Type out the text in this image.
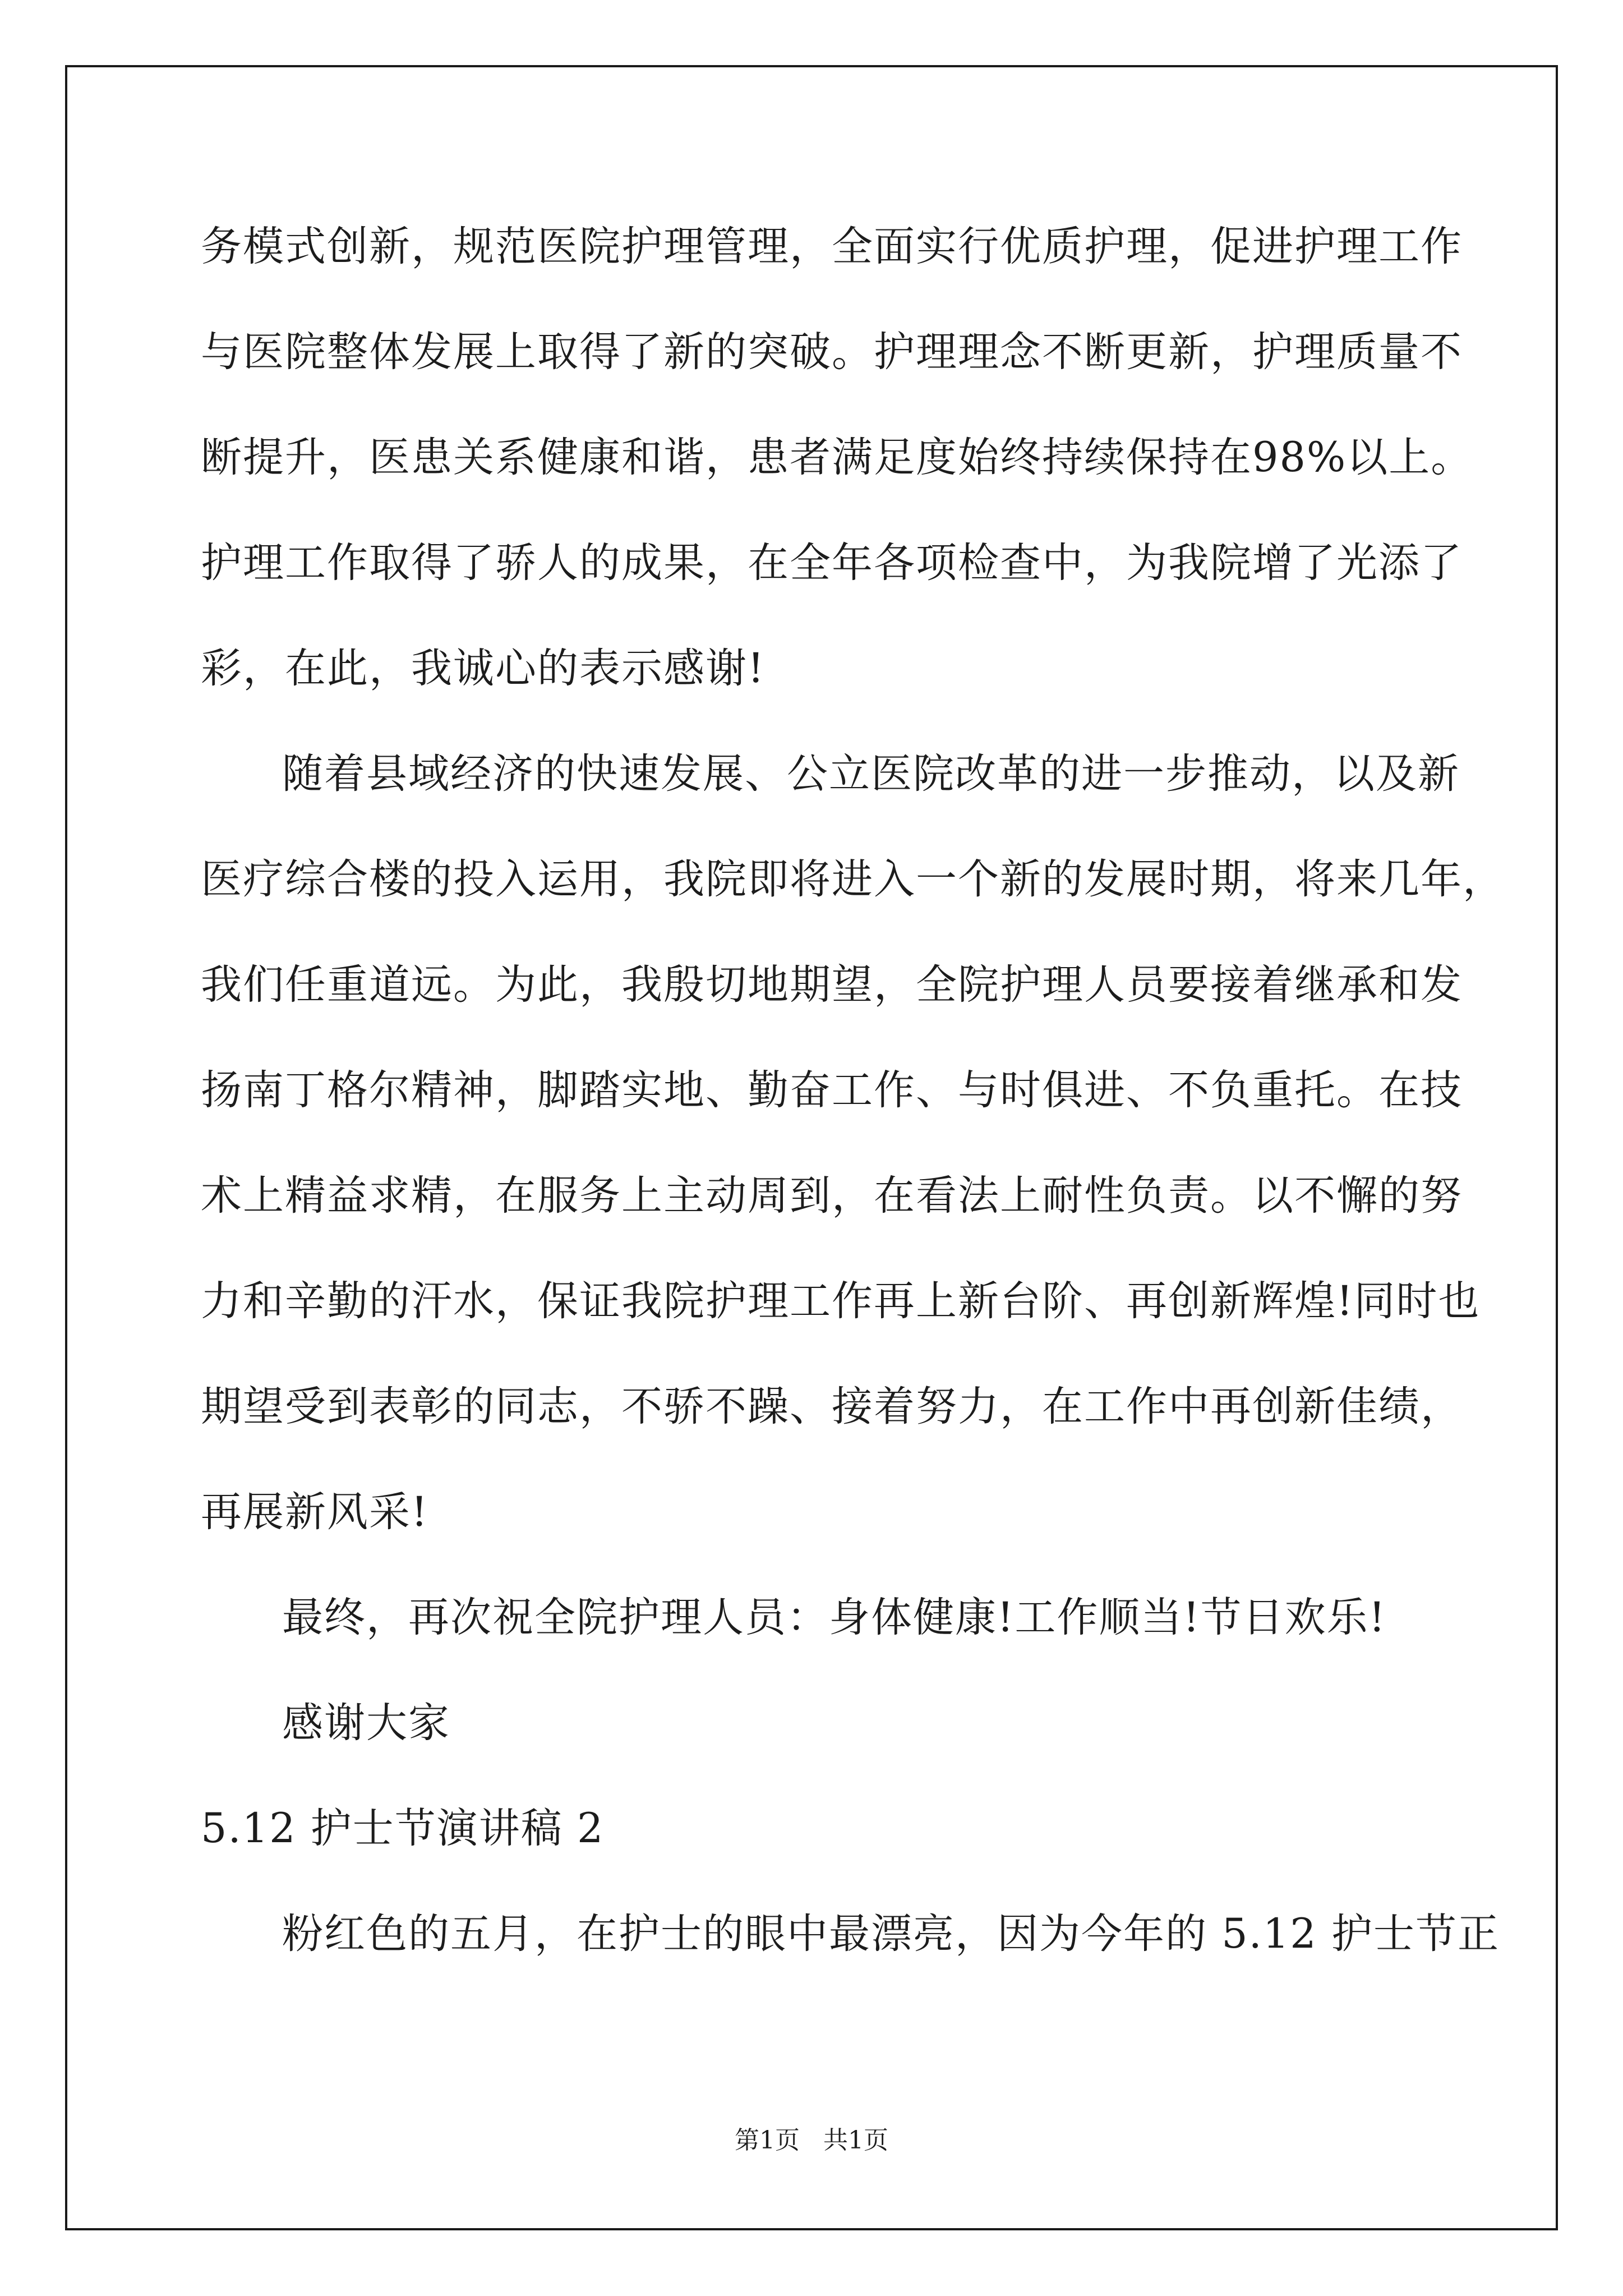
务模式创新，规范医院护理管理，全面实行优质护理，促进护理工作
与医院整体发展上取得了新的突破。护理理念不断更新，护理质量不
断提升，医患关系健康和谐，患者满足度始终持续保持在98%以上。
护理工作取得了骄人的成果，在全年各项检查中，为我院增了光添了
彩，在此，我诚心的表示感谢!
随着县域经济的快速发展、公立医院改革的进一步推动，以及新
医疗综合楼的投入运用，我院即将进入一个新的发展时期，将来几年，
我们任重道远。为此，我殷切地期望，全院护理人员要接着继承和发
扬南丁格尔精神，脚踏实地、勤奋工作、与时俱进、不负重托。在技
术上精益求精，在服务上主动周到，在看法上耐性负责。以不懈的努
力和辛勤的汗水，保证我院护理工作再上新台阶、再创新辉煌!同时也
期望受到表彰的同志，不骄不躁、接着努力，在工作中再创新佳绩，
再展新风采!
最终，再次祝全院护理人员：身体健康!工作顺当!节日欢乐!
感谢大家
5.12 护士节演讲稿 2
粉红色的五月，在护士的眼中最漂亮，因为今年的 5.12 护士节正
第1页   共1页
